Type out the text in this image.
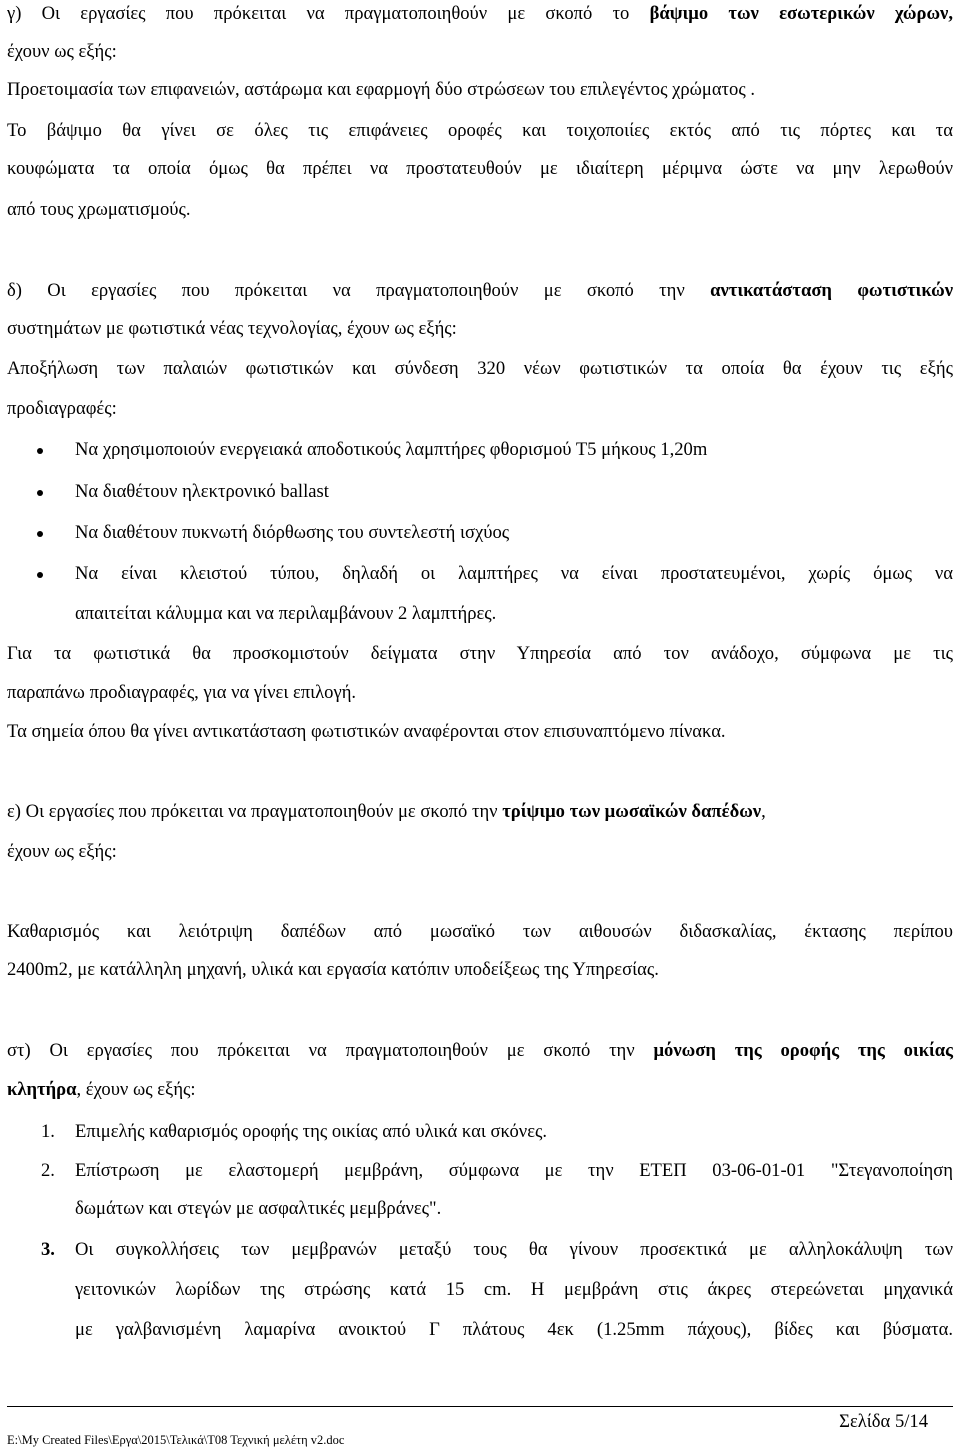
γ) Οι εργασίες που πρόκειται να πραγματοποιηθούν με σκοπό το βάψιμο των εσωτερικών χώρων,
έχουν ως εξής:
Προετοιμασία των επιφανειών, αστάρωμα και εφαρμογή δύο στρώσεων του επιλεγέντος χρώματος .
Το βάψιμο θα γίνει σε όλες τις επιφάνειες οροφές και τοιχοποιίες εκτός από τις πόρτες και τα
κουφώματα τα οποία όμως θα πρέπει να προστατευθούν με ιδιαίτερη μέριμνα ώστε να μην λερωθούν
από τους χρωματισμούς.
δ) Οι εργασίες που πρόκειται να πραγματοποιηθούν με σκοπό την αντικατάσταση φωτιστικών
συστημάτων με φωτιστικά νέας τεχνολογίας, έχουν ως εξής:
Αποξήλωση των παλαιών φωτιστικών και σύνδεση 320 νέων φωτιστικών τα οποία θα έχουν τις εξής
προδιαγραφές:
Να χρησιμοποιούν ενεργειακά αποδοτικούς λαμπτήρες φθορισμού Τ5 μήκους 1,20m
Να διαθέτουν ηλεκτρονικό ballast
Να διαθέτουν πυκνωτή διόρθωσης του συντελεστή ισχύος
Να είναι κλειστού τύπου, δηλαδή οι λαμπτήρες να είναι προστατευμένοι, χωρίς όμως να
απαιτείται κάλυμμα και να περιλαμβάνουν 2 λαμπτήρες.
Για τα φωτιστικά θα προσκομιστούν δείγματα στην Υπηρεσία από τον ανάδοχο, σύμφωνα με τις
παραπάνω προδιαγραφές, για να γίνει επιλογή.
Τα σημεία όπου θα γίνει αντικατάσταση φωτιστικών αναφέρονται στον επισυναπτόμενο πίνακα.
ε) Οι εργασίες που πρόκειται να πραγματοποιηθούν με σκοπό την τρίψιμο των μωσαϊκών δαπέδων,
έχουν ως εξής:
Καθαρισμός και λειότριψη δαπέδων από μωσαϊκό των αιθουσών διδασκαλίας, έκτασης περίπου
2400m2, με κατάλληλη μηχανή, υλικά και εργασία κατόπιν υποδείξεως της Υπηρεσίας.
στ) Οι εργασίες που πρόκειται να πραγματοποιηθούν με σκοπό την μόνωση της οροφής της οικίας
κλητήρα, έχουν ως εξής:
1. Επιμελής καθαρισμός οροφής της οικίας από υλικά και σκόνες.
2. Επίστρωση με ελαστομερή μεμβράνη, σύμφωνα με την ΕΤΕΠ 03-06-01-01 "Στεγανοποίηση
δωμάτων και στεγών με ασφαλτικές μεμβράνες".
3. Οι συγκολλήσεις των μεμβρανών μεταξύ τους θα γίνουν προσεκτικά με αλληλοκάλυψη των
γειτονικών λωρίδων της στρώσης κατά 15 cm. Η μεμβράνη στις άκρες στερεώνεται μηχανικά
με γαλβανισμένη λαμαρίνα ανοικτού Γ πλάτους 4εκ (1.25mm πάχους), βίδες και βύσματα.
Σελίδα 5/14
E:\My Created Files\Εργα\2015\Τελικά\Τ08 Τεχνική μελέτη v2.doc
